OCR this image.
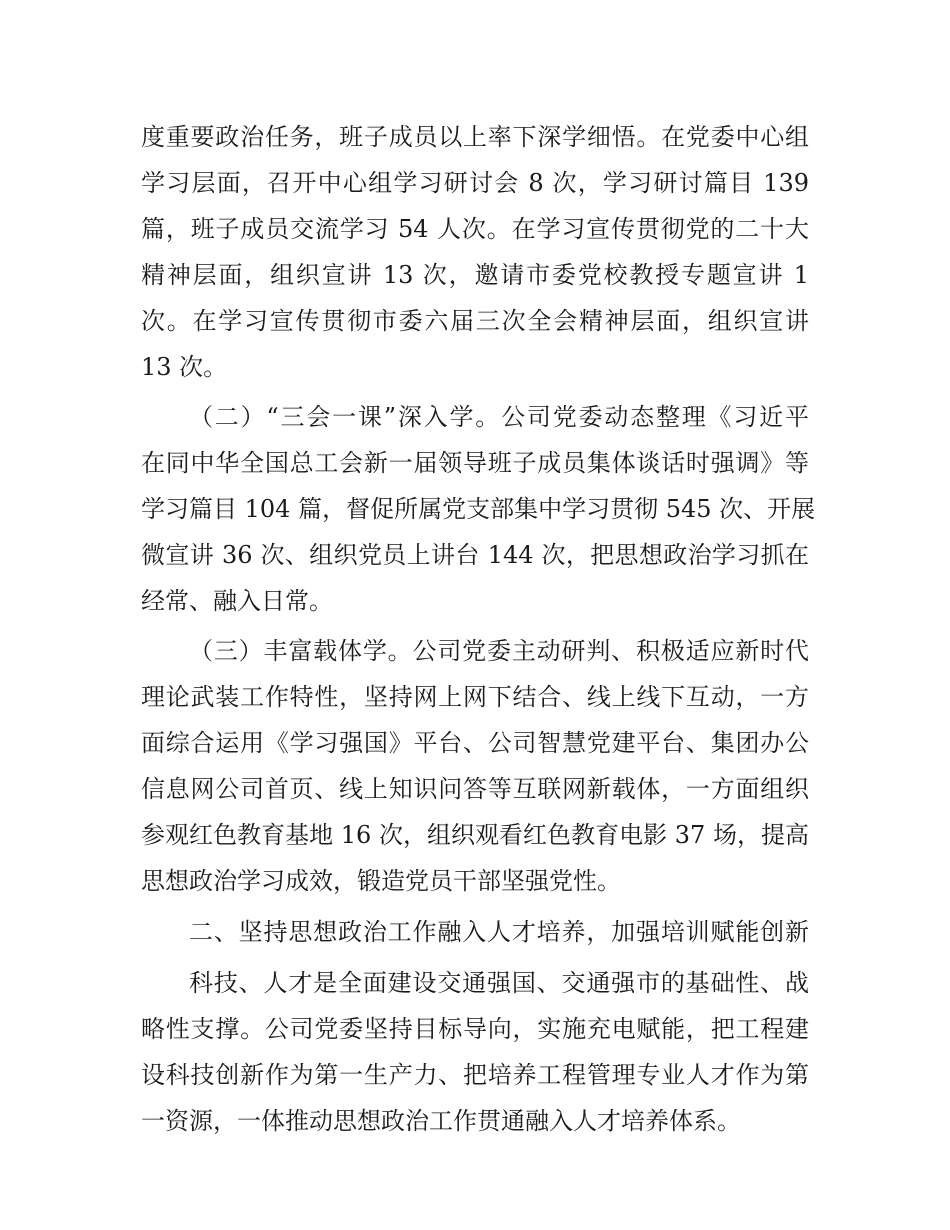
度重要政治任务，班子成员以上率下深学细悟。在党委中心组
学习层面，召开中心组学习研讨会 8 次，学习研讨篇目 139
篇，班子成员交流学习 54 人次。在学习宣传贯彻党的二十大
精神层面，组织宣讲 13 次，邀请市委党校教授专题宣讲 1
次。在学习宣传贯彻市委六届三次全会精神层面，组织宣讲
13 次。
（二）“三会一课”深入学。公司党委动态整理《习近平
在同中华全国总工会新一届领导班子成员集体谈话时强调》等
学习篇目 104 篇，督促所属党支部集中学习贯彻 545 次、开展
微宣讲 36 次、组织党员上讲台 144 次，把思想政治学习抓在
经常、融入日常。
（三）丰富载体学。公司党委主动研判、积极适应新时代
理论武装工作特性，坚持网上网下结合、线上线下互动，一方
面综合运用《学习强国》平台、公司智慧党建平台、集团办公
信息网公司首页、线上知识问答等互联网新载体，一方面组织
参观红色教育基地 16 次，组织观看红色教育电影 37 场，提高
思想政治学习成效，锻造党员干部坚强党性。
二、坚持思想政治工作融入人才培养，加强培训赋能创新
科技、人才是全面建设交通强国、交通强市的基础性、战
略性支撑。公司党委坚持目标导向，实施充电赋能，把工程建
设科技创新作为第一生产力、把培养工程管理专业人才作为第
一资源，一体推动思想政治工作贯通融入人才培养体系。
